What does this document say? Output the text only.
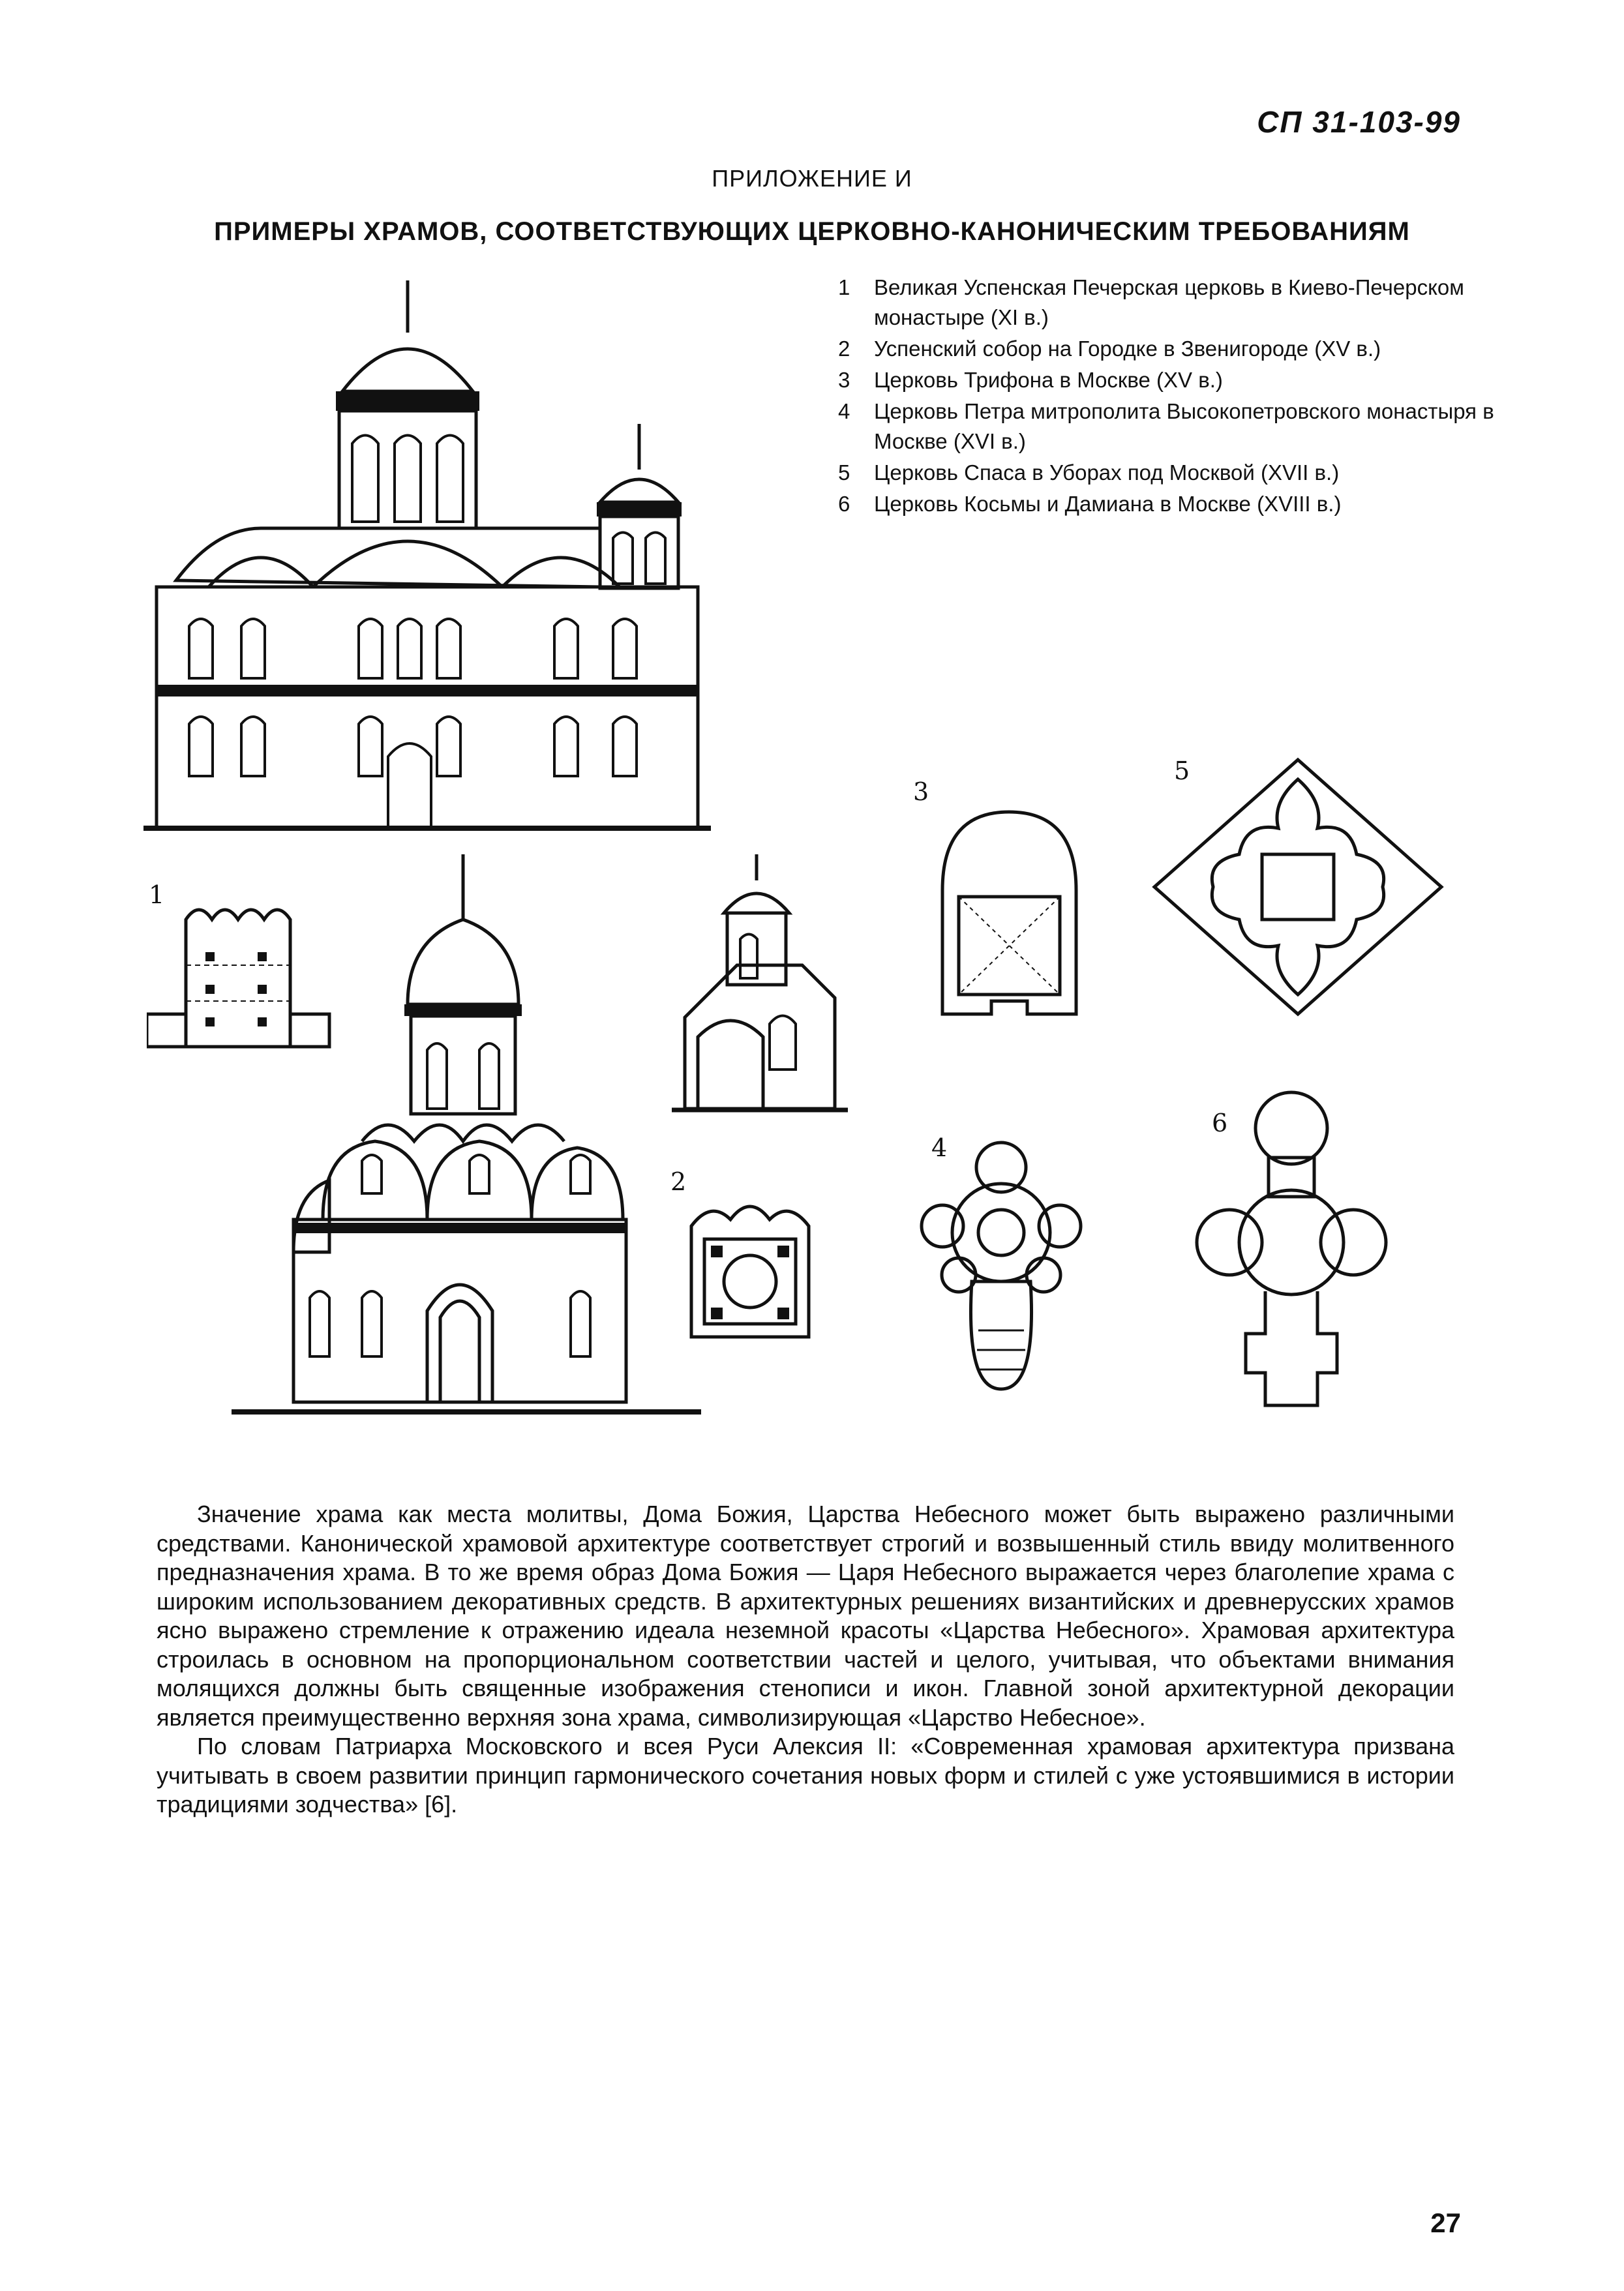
СП 31-103-99
ПРИЛОЖЕНИЕ И
ПРИМЕРЫ ХРАМОВ, СООТВЕТСТВУЮЩИХ ЦЕРКОВНО-КАНОНИЧЕСКИМ ТРЕБОВАНИЯМ
1 Великая Успенская Печерская церковь в Киево-Печерском монастыре (XI в.)
2 Успенский собор на Городке в Звенигороде (XV в.)
3 Церковь Трифона в Москве (XV в.)
4 Церковь Петра митрополита Высокопетровского монастыря в Москве (XVI в.)
5 Церковь Спаса в Уборах под Москвой (XVII в.)
6 Церковь Косьмы и Дамиана в Москве (XVIII в.)
1
2
3
5
4
6

Значение храма как места молитвы, Дома Божия, Царства Небесного может быть выражено различными средствами. Канонической храмовой архитектуре соответствует строгий и возвышенный стиль ввиду молитвенного предназначения храма. В то же время образ Дома Божия — Царя Небесного выражается через благолепие храма с широким использованием декоративных средств. В архитектурных решениях византийских и древнерусских храмов ясно выражено стремление к отражению идеала неземной красоты «Царства Небесного». Храмовая архитектура строилась в основном на пропорциональном соответствии частей и целого, учитывая, что объектами внимания молящихся должны быть священные изображения стенописи и икон. Главной зоной архитектурной декорации является преимущественно верхняя зона храма, символизирующая «Царство Небесное».

По словам Патриарха Московского и всея Руси Алексия II: «Современная храмовая архитектура призвана учитывать в своем развитии принцип гармонического сочетания новых форм и стилей с уже устоявшимися в истории традициями зодчества» [6].

27
